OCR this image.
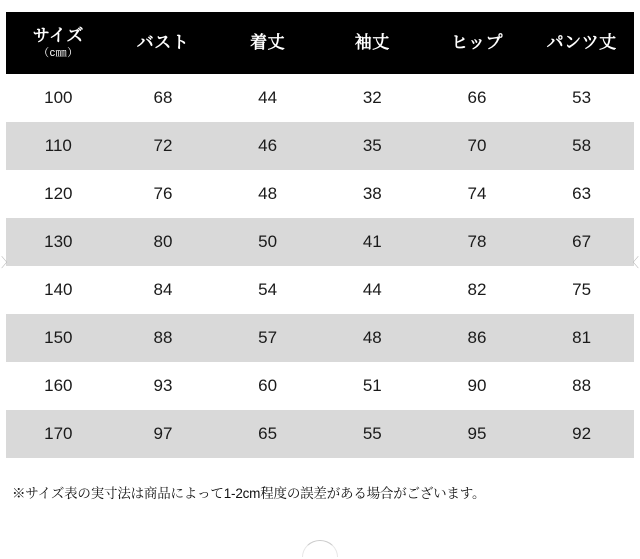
サイズ
（c㎜）	バスト	着丈	袖丈	ヒップ	パンツ丈

100	68	44	32	66	53
110	72	46	35	70	58
120	76	48	38	74	63
130	80	50	41	78	67
140	84	54	44	82	75
150	88	57	48	86	81
160	93	60	51	90	88
170	97	65	55	95	92
※サイズ表の実寸法は商品によって1-2cm程度の誤差がある場合がございます。
〉	〈
